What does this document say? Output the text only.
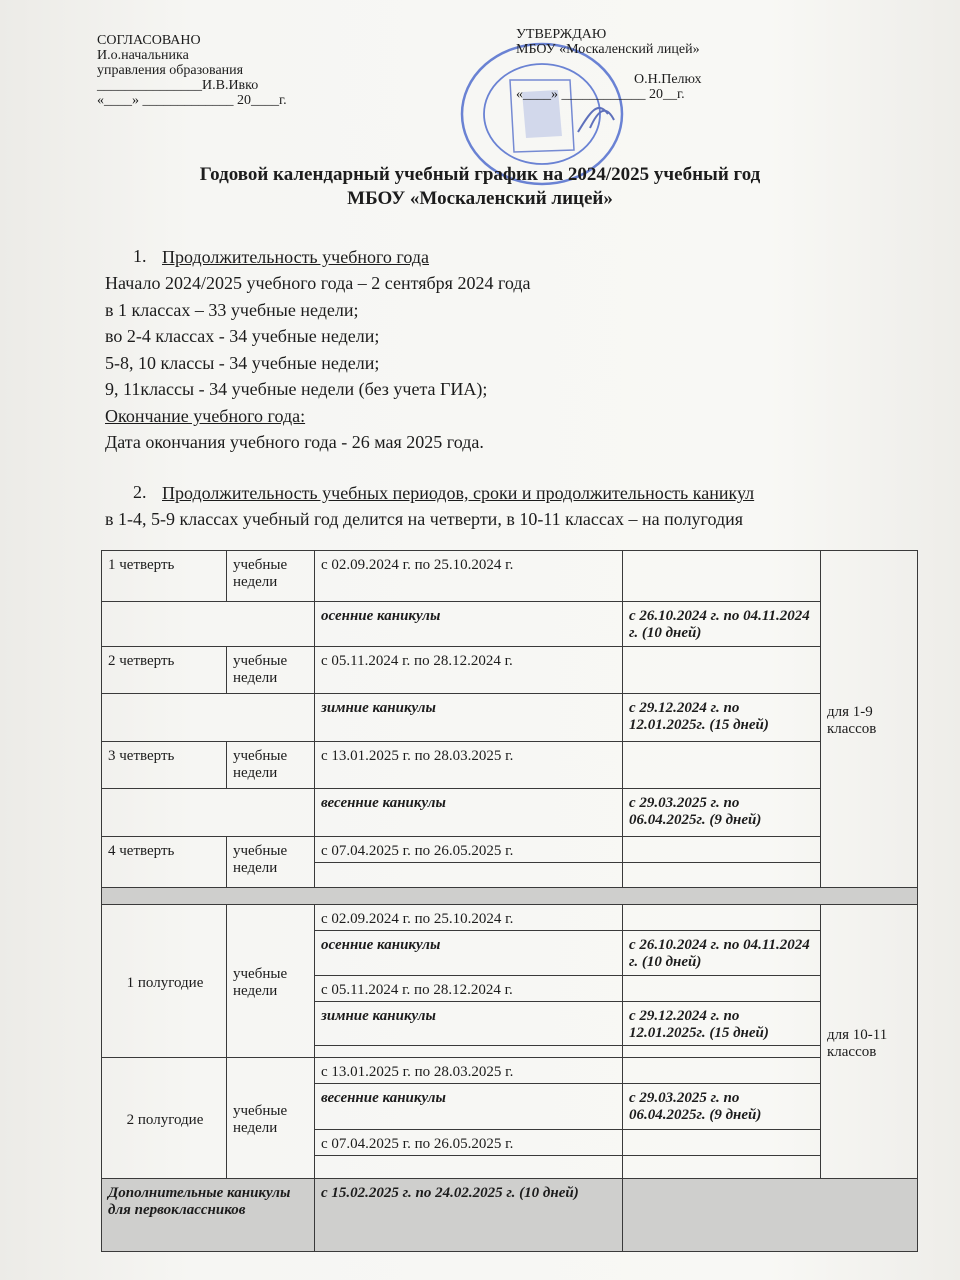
СОГЛАСОВАНО
И.о.начальника
управления образования
_______________И.В.Ивко
«____» _____________ 20____г.
УТВЕРЖДАЮ
МБОУ «Москаленский лицей»
О.Н.Пелюх
«____» ____________ 20__г.
Годовой календарный учебный график на 2024/2025 учебный год
МБОУ «Москаленский лицей»
1. Продолжительность учебного года
Начало 2024/2025 учебного года – 2 сентября 2024 года
в 1 классах – 33 учебные недели;
во 2-4 классах - 34 учебные недели;
5-8, 10 классы - 34 учебные недели;
9, 11классы - 34 учебные недели (без учета ГИА);
Окончание учебного года:
Дата окончания учебного года - 26 мая 2025 года.
2. Продолжительность учебных периодов, сроки и продолжительность каникул
в 1-4, 5-9 классах учебный год делится на четверти, в 10-11 классах – на полугодия
1 четверть	учебные недели	с 02.09.2024 г. по 25.10.2024 г.		для 1-9 классов
		осенние каникулы	с 26.10.2024 г. по 04.11.2024 г. (10 дней)	
2 четверть	учебные недели	с 05.11.2024 г. по 28.12.2024 г.		
		зимние каникулы	с 29.12.2024 г. по 12.01.2025г. (15 дней)	
3 четверть	учебные недели	с 13.01.2025 г. по 28.03.2025 г.		
		весенние каникулы	с 29.03.2025 г. по 06.04.2025г. (9 дней)	
4 четверть	учебные недели	с 07.04.2025 г. по 26.05.2025 г.		

1 полугодие	учебные недели	с 02.09.2024 г. по 25.10.2024 г.		для 10-11 классов
		осенние каникулы	с 26.10.2024 г. по 04.11.2024 г. (10 дней)	
		с 05.11.2024 г. по 28.12.2024 г.		
		зимние каникулы	с 29.12.2024 г. по 12.01.2025г. (15 дней)	

2 полугодие	учебные недели	с 13.01.2025 г. по 28.03.2025 г.		
		весенние каникулы	с 29.03.2025 г. по 06.04.2025г. (9 дней)	
		с 07.04.2025 г. по 26.05.2025 г.		

Дополнительные каникулы для первоклассников		с 15.02.2025 г. по 24.02.2025 г. (10 дней)		
